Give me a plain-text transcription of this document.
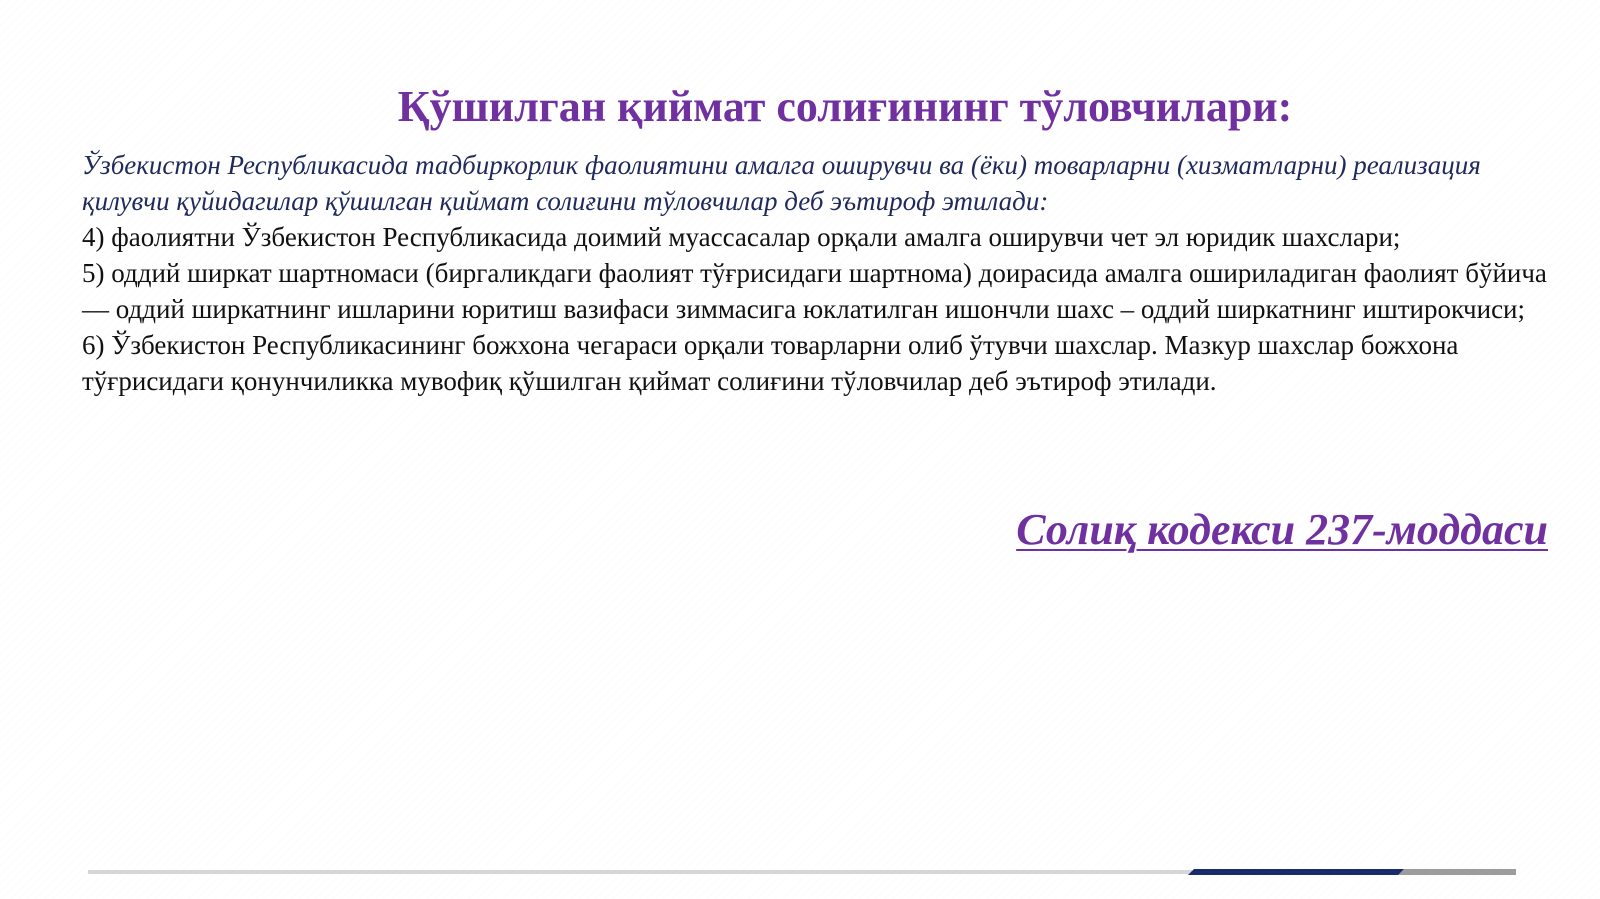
Қўшилган қиймат солиғининг тўловчилари:

Ўзбекистон Республикасида тадбиркорлик фаолиятини амалга оширувчи ва (ёки) товарларни (хизматларни) реализация қилувчи қуйидагилар қўшилган қиймат солиғини тўловчилар деб эътироф этилади:

4) фаолиятни Ўзбекистон Республикасида доимий муассасалар орқали амалга оширувчи чет эл юридик шахслари;

5) оддий ширкат шартномаси (биргаликдаги фаолият тўғрисидаги шартнома) доирасида амалга ошириладиган фаолият бўйича — оддий ширкатнинг ишларини юритиш вазифаси зиммасига юклатилган ишончли шахс – оддий ширкатнинг иштирокчиси;

6) Ўзбекистон Республикасининг божхона чегараси орқали товарларни олиб ўтувчи шахслар. Мазкур шахслар божхона тўғрисидаги қонунчиликка мувофиқ қўшилган қиймат солиғини тўловчилар деб эътироф этилади.

Солиқ кодекси 237-моддаси
